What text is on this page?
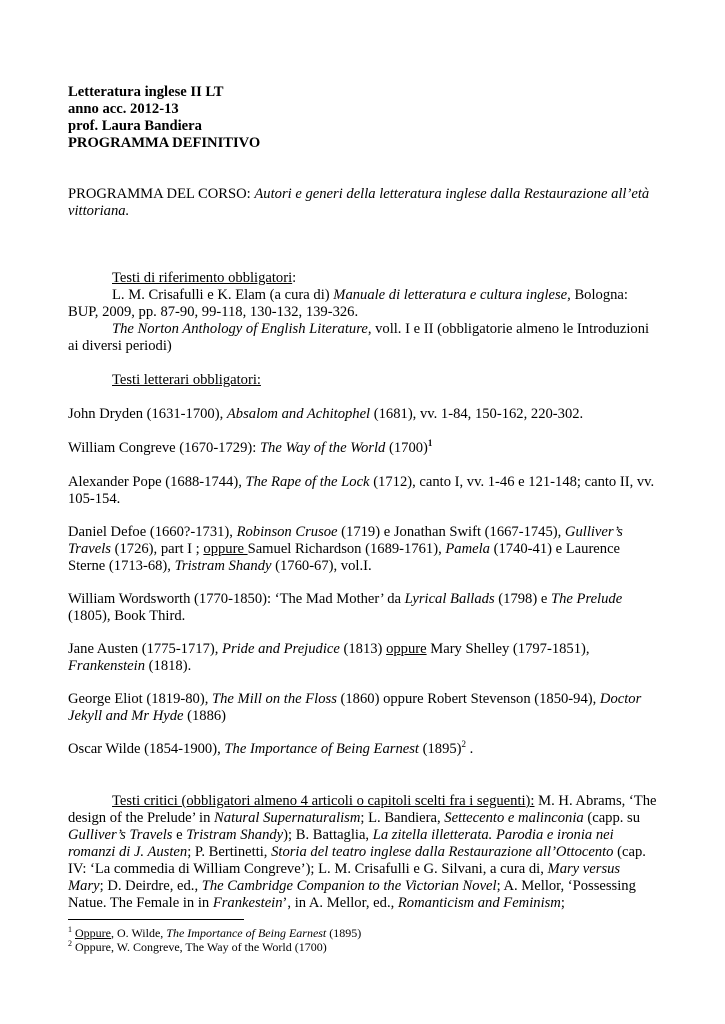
Letteratura inglese II LT
anno acc. 2012-13
prof. Laura Bandiera
PROGRAMMA DEFINITIVO
PROGRAMMA DEL CORSO: Autori e generi della letteratura inglese dalla Restaurazione all’età vittoriana.
Testi di riferimento obbligatori:
L. M. Crisafulli e K. Elam (a cura di) Manuale di letteratura e cultura inglese, Bologna: BUP, 2009, pp. 87-90, 99-118, 130-132, 139-326.
The Norton Anthology of English Literature, voll. I e II (obbligatorie almeno le Introduzioni ai diversi periodi)
Testi letterari obbligatori:
John Dryden (1631-1700), Absalom and Achitophel (1681), vv. 1-84, 150-162, 220-302.
William Congreve (1670-1729): The Way of the World $(1700)^1$
Alexander Pope (1688-1744), The Rape of the Lock (1712), canto I, vv. 1-46 e 121-148; canto II, vv. 105-154.
Daniel Defoe (1660?-1731), Robinson Crusoe (1719) e Jonathan Swift (1667-1745), Gulliver’s Travels (1726), part I ; oppure Samuel Richardson (1689-1761), Pamela (1740-41) e Laurence Sterne (1713-68), Tristram Shandy (1760-67), vol.I.
William Wordsworth (1770-1850): ‘The Mad Mother’ da Lyrical Ballads (1798) e The Prelude (1805), Book Third.
Jane Austen (1775-1717), Pride and Prejudice (1813) oppure Mary Shelley (1797-1851), Frankenstein (1818).
George Eliot (1819-80), The Mill on the Floss (1860) oppure Robert Stevenson (1850-94), Doctor Jekyll and Mr Hyde (1886)
Oscar Wilde (1854-1900), The Importance of Being Earnest $(1895)^2$ .
Testi critici (obbligatori almeno 4 articoli o capitoli scelti fra i seguenti): M. H. Abrams, ‘The design of the Prelude’ in Natural Supernaturalism; L. Bandiera, Settecento e malinconia (capp. su Gulliver’s Travels e Tristram Shandy); B. Battaglia, La zitella illetterata. Parodia e ironia nei romanzi di J. Austen; P. Bertinetti, Storia del teatro inglese dalla Restaurazione all’Ottocento (cap. IV: ‘La commedia di William Congreve’); L. M. Crisafulli e G. Silvani, a cura di, Mary versus Mary; D. Deirdre, ed., The Cambridge Companion to the Victorian Novel; A. Mellor, ‘Possessing Natue. The Female in in Frankestein’, in A. Mellor, ed., Romanticism and Feminism;
$^1$ Oppure, O. Wilde, The Importance of Being Earnest (1895)
$^2$ Oppure, W. Congreve, The Way of the World (1700)
